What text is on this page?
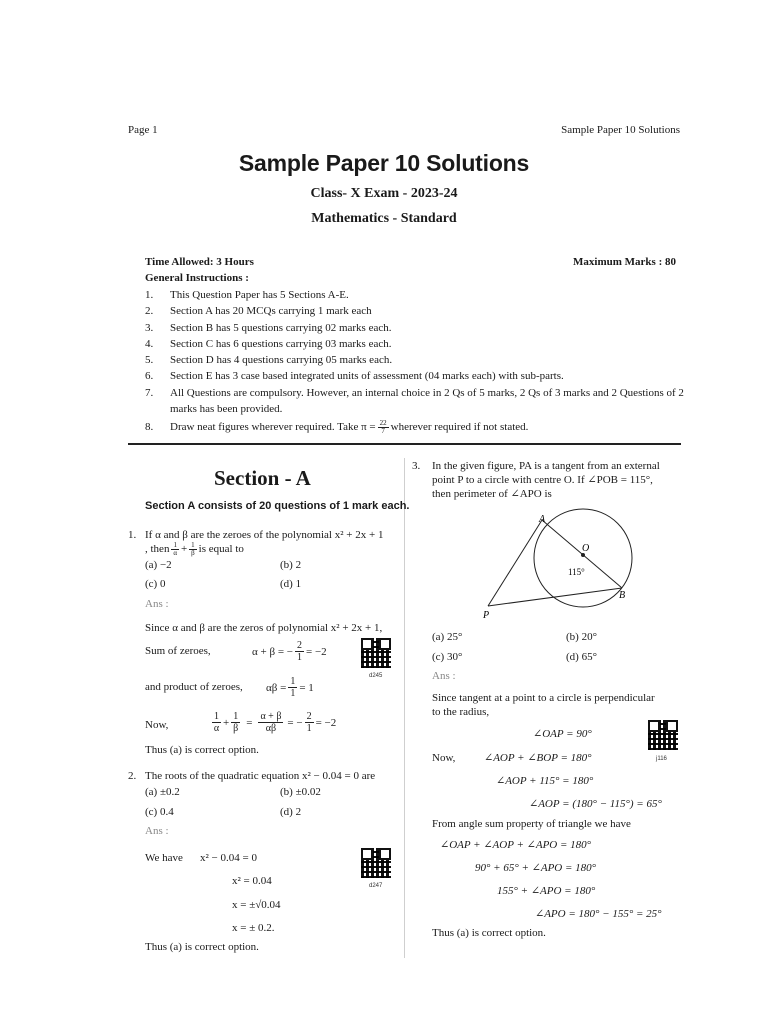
Page 1	Sample Paper 10 Solutions
Sample Paper 10 Solutions
Class- X Exam - 2023-24
Mathematics - Standard
Time Allowed: 3 Hours	Maximum Marks : 80
General Instructions :
1.	This Question Paper has 5 Sections A-E.
2.	Section A has 20 MCQs carrying 1 mark each
3.	Section B has 5 questions carrying 02 marks each.
4.	Section C has 6 questions carrying 03 marks each.
5.	Section D has 4 questions carrying 05 marks each.
6.	Section E has 3 case based integrated units of assessment (04 marks each) with sub-parts.
7.	All Questions are compulsory. However, an internal choice in 2 Qs of 5 marks, 2 Qs of 3 marks and 2 Questions of 2 marks has been provided.
8.	Draw neat figures wherever required. Take $\pi = \frac{22}{7}$ wherever required if not stated.
Section - A
Section A consists of 20 questions of 1 mark each.
1. If α and β are the zeroes of the polynomial x² + 2x + 1
, then $\frac{1}{\alpha} + \frac{1}{\beta}$ is equal to
(a) −2	(b) 2
(c) 0	(d) 1
Ans :
Since α and β are the zeros of polynomial x² + 2x + 1,
Sum of zeroes,	α + β = − $\frac{2}{1} = -2$
d245
and product of zeroes, $\alpha\beta = \frac{1}{1} = 1$
Now,	$\frac{1}{\alpha} + \frac{1}{\beta} = \frac{\alpha + \beta}{\alpha\beta}$ = − $\frac{2}{1} = -2$
Thus (a) is correct option.
2. The roots of the quadratic equation x² − 0.04 = 0 are
(a) ±0.2	(b) ±0.02
(c) 0.4	(d) 2
Ans :
We have x² − 0.04 = 0
x² = 0.04
x = ±√0.04
x = ± 0.2.
d247
Thus (a) is correct option.
3. In the given figure, PA is a tangent from an external
point P to a circle with centre O. If ∠POB = 115°,
then perimeter of ∠APO is
A
O
115°
B
P
(a) 25°	(b) 20°
(c) 30°	(d) 65°
Ans :
Since tangent at a point to a circle is perpendicular
to the radius,
∠OAP = 90°
j116
Now,	∠AOP + ∠BOP = 180°
∠AOP + 115° = 180°
∠AOP = (180° − 115°) = 65°
From angle sum property of triangle we have
∠OAP + ∠AOP + ∠APO = 180°
90° + 65° + ∠APO = 180°
155° + ∠APO = 180°
∠APO = 180° − 155° = 25°
Thus (a) is correct option.
